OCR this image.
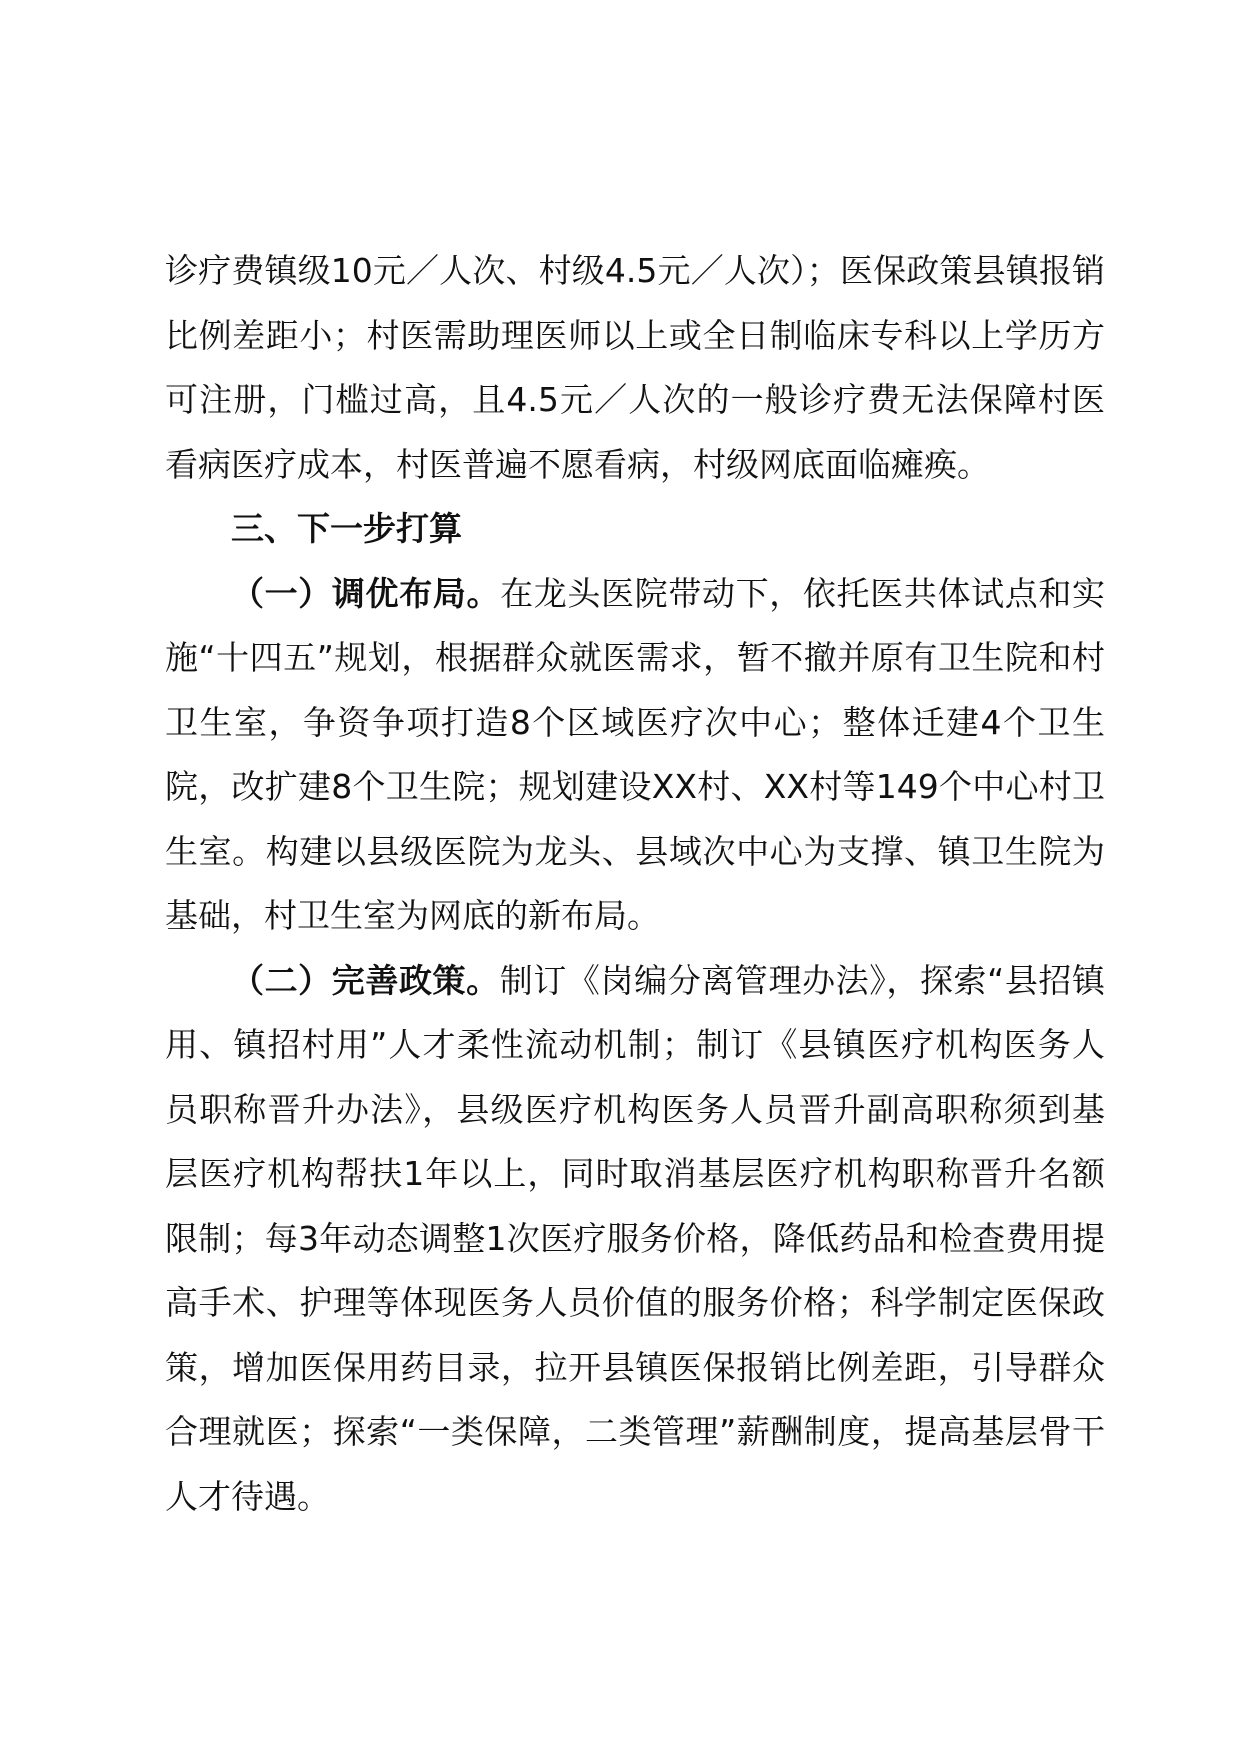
诊疗费镇级10元／人次、村级4.5元／人次）；医保政策县镇报销比例差距小；村医需助理医师以上或全日制临床专科以上学历方可注册，门槛过高，且4.5元／人次的一般诊疗费无法保障村医看病医疗成本，村医普遍不愿看病，村级网底面临瘫痪。

三、下一步打算

（一）调优布局。在龙头医院带动下，依托医共体试点和实施“十四五”规划，根据群众就医需求，暂不撤并原有卫生院和村卫生室，争资争项打造8个区域医疗次中心；整体迁建4个卫生院，改扩建8个卫生院；规划建设XX村、XX村等149个中心村卫生室。构建以县级医院为龙头、县域次中心为支撑、镇卫生院为基础，村卫生室为网底的新布局。

（二）完善政策。制订《岗编分离管理办法》，探索“县招镇用、镇招村用”人才柔性流动机制；制订《县镇医疗机构医务人员职称晋升办法》，县级医疗机构医务人员晋升副高职称须到基层医疗机构帮扶1年以上，同时取消基层医疗机构职称晋升名额限制；每3年动态调整1次医疗服务价格，降低药品和检查费用提高手术、护理等体现医务人员价值的服务价格；科学制定医保政策，增加医保用药目录，拉开县镇医保报销比例差距，引导群众合理就医；探索“一类保障，二类管理”薪酬制度，提高基层骨干人才待遇。
